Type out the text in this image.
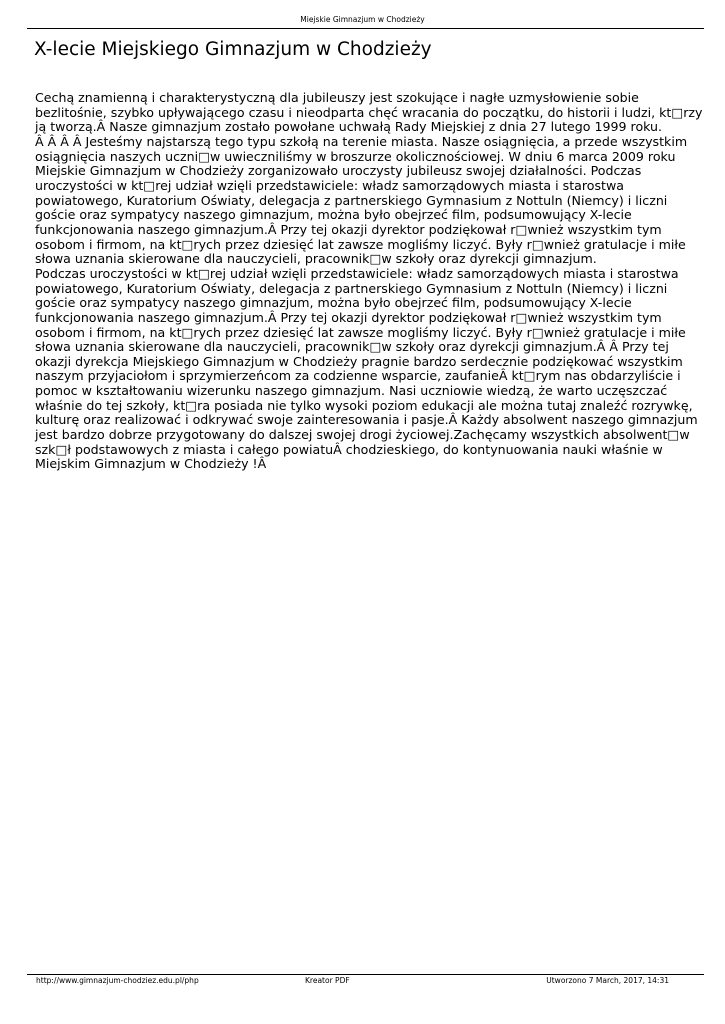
Miejskie Gimnazjum w Chodzieży
X-lecie Miejskiego Gimnazjum w Chodzieży
Cechą znamienną i charakterystyczną dla jubileuszy jest szokujące i nagłe uzmysłowienie sobie
bezlitośnie, szybko upływającego czasu i nieodparta chęć wracania do początku, do historii i ludzi, kt□rzy
ją tworzą.Â Nasze gimnazjum zostało powołane uchwałą Rady Miejskiej z dnia 27 lutego 1999 roku.
Â Â Â Â Jesteśmy najstarszą tego typu szkołą na terenie miasta. Nasze osiągnięcia, a przede wszystkim
osiągnięcia naszych uczni□w uwieczniliśmy w broszurze okolicznościowej. W dniu 6 marca 2009 roku
Miejskie Gimnazjum w Chodzieży zorganizowało uroczysty jubileusz swojej działalności. Podczas
uroczystości w kt□rej udział wzięli przedstawiciele: władz samorządowych miasta i starostwa
powiatowego, Kuratorium Oświaty, delegacja z partnerskiego Gymnasium z Nottuln (Niemcy) i liczni
goście oraz sympatycy naszego gimnazjum, można było obejrzeć film, podsumowujący X-lecie
funkcjonowania naszego gimnazjum.Â Przy tej okazji dyrektor podziękował r□wnież wszystkim tym
osobom i firmom, na kt□rych przez dziesięć lat zawsze mogliśmy liczyć. Były r□wnież gratulacje i miłe
słowa uznania skierowane dla nauczycieli, pracownik□w szkoły oraz dyrekcji gimnazjum.
Podczas uroczystości w kt□rej udział wzięli przedstawiciele: władz samorządowych miasta i starostwa
powiatowego, Kuratorium Oświaty, delegacja z partnerskiego Gymnasium z Nottuln (Niemcy) i liczni
goście oraz sympatycy naszego gimnazjum, można było obejrzeć film, podsumowujący X-lecie
funkcjonowania naszego gimnazjum.Â Przy tej okazji dyrektor podziękował r□wnież wszystkim tym
osobom i firmom, na kt□rych przez dziesięć lat zawsze mogliśmy liczyć. Były r□wnież gratulacje i miłe
słowa uznania skierowane dla nauczycieli, pracownik□w szkoły oraz dyrekcji gimnazjum.Â Â Przy tej
okazji dyrekcja Miejskiego Gimnazjum w Chodzieży pragnie bardzo serdecznie podziękować wszystkim
naszym przyjaciołom i sprzymierzeńcom za codzienne wsparcie, zaufanieÂ kt□rym nas obdarzyliście i
pomoc w kształtowaniu wizerunku naszego gimnazjum. Nasi uczniowie wiedzą, że warto uczęszczać
właśnie do tej szkoły, kt□ra posiada nie tylko wysoki poziom edukacji ale można tutaj znaleźć rozrywkę,
kulturę oraz realizować i odkrywać swoje zainteresowania i pasje.Â Każdy absolwent naszego gimnazjum
jest bardzo dobrze przygotowany do dalszej swojej drogi życiowej.Zachęcamy wszystkich absolwent□w
szk□ł podstawowych z miasta i całego powiatuÂ chodzieskiego, do kontynuowania nauki właśnie w
Miejskim Gimnazjum w Chodzieży !Â
http://www.gimnazjum-chodziez.edu.pl/php	Kreator PDF	Utworzono 7 March, 2017, 14:31
